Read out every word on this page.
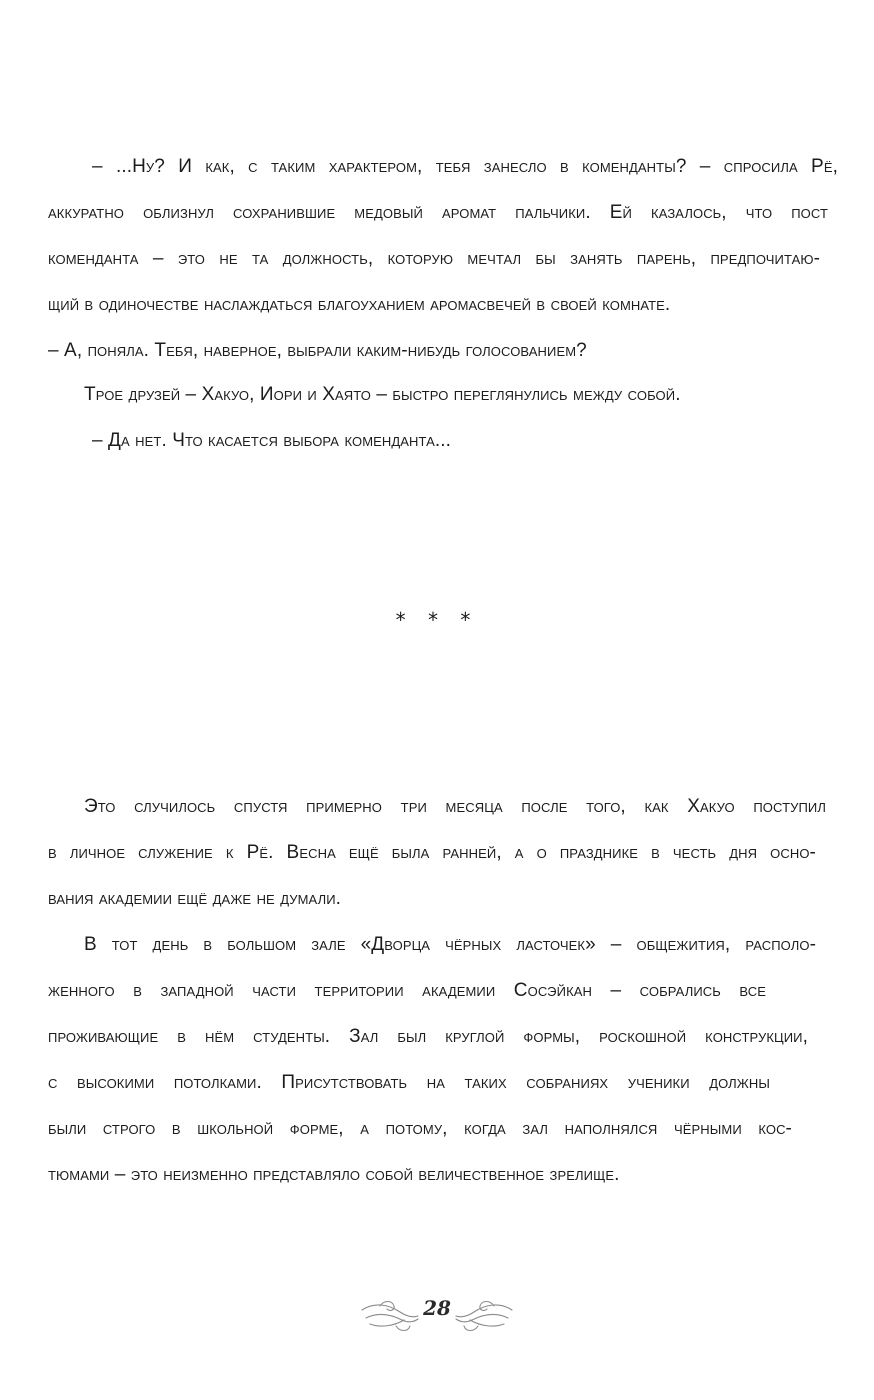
– ...Ну? И как, с таким характером, тебя занесло в коменданты? – спросила Рё,
аккуратно облизнул сохранившие медовый аромат пальчики. Ей казалось, что пост
коменданта – это не та должность, которую мечтал бы занять парень, предпочитаю-
щий в одиночестве наслаждаться благоуханием аромасвечей в своей комнате.
– А, поняла. Тебя, наверное, выбрали каким-нибудь голосованием?
Трое друзей – Хакуо, Иори и Хаято – быстро переглянулись между собой.
– Да нет. Что касается выбора коменданта...
* * *
Это случилось спустя примерно три месяца после того, как Хакуо поступил
в личное служение к Рё. Весна ещё была ранней, а о празднике в честь дня осно-
вания академии ещё даже не думали.
В тот день в большом зале «Дворца чёрных ласточек» – общежития, располо-
женного в западной части территории академии Сосэйкан – собрались все
проживающие в нём студенты. Зал был круглой формы, роскошной конструкции,
с высокими потолками. Присутствовать на таких собраниях ученики должны
были строго в школьной форме, а потому, когда зал наполнялся чёрными кос-
тюмами – это неизменно представляло собой величественное зрелище.
28
